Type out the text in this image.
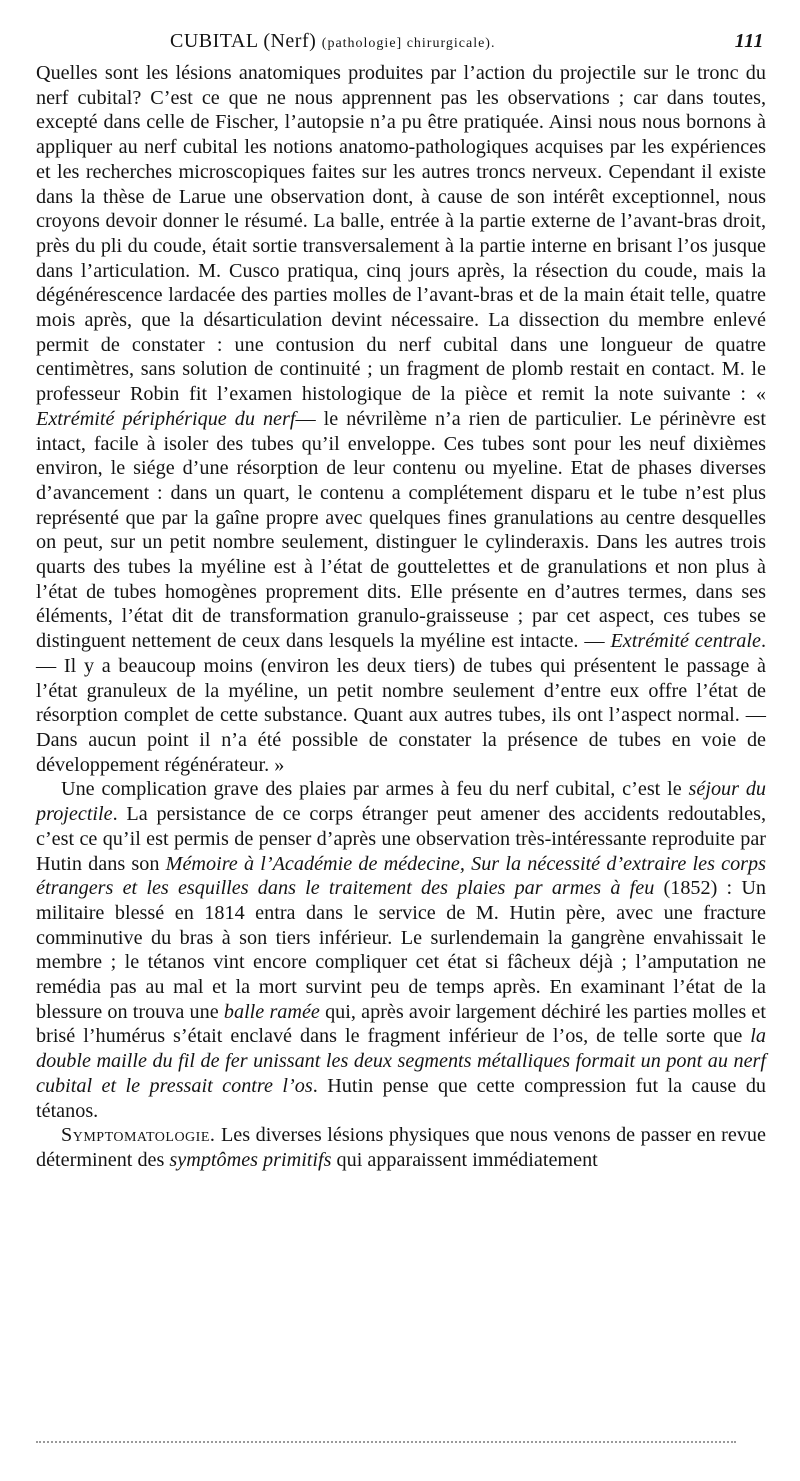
CUBITAL (Nerf) (pathologie] chirurgicale).	111

Quelles sont les lésions anatomiques produites par l’action du projectile sur le tronc du nerf cubital? C’est ce que ne nous apprennent pas les observations ; car dans toutes, excepté dans celle de Fischer, l’autopsie n’a pu être pratiquée. Ainsi nous nous bornons à appliquer au nerf cubital les notions anatomo-pathologiques acquises par les expériences et les recherches microscopiques faites sur les autres troncs nerveux. Cependant il existe dans la thèse de Larue une observation dont, à cause de son intérêt exceptionnel, nous croyons devoir donner le résumé. La balle, entrée à la partie externe de l’avant-bras droit, près du pli du coude, était sortie transversalement à la partie interne en brisant l’os jusque dans l’articulation. M. Cusco pratiqua, cinq jours après, la résection du coude, mais la dégénérescence lardacée des parties molles de l’avant-bras et de la main était telle, quatre mois après, que la désarticulation devint nécessaire. La dissection du membre enlevé permit de constater : une contusion du nerf cubital dans une longueur de quatre centimètres, sans solution de continuité ; un fragment de plomb restait en contact. M. le professeur Robin fit l’examen histologique de la pièce et remit la note suivante : « Extrémité périphérique du nerf— le névrilème n’a rien de particulier. Le périnèvre est intact, facile à isoler des tubes qu’il enveloppe. Ces tubes sont pour les neuf dixièmes environ, le siége d’une résorption de leur contenu ou myeline. Etat de phases diverses d’avancement : dans un quart, le contenu a complétement disparu et le tube n’est plus représenté que par la gaîne propre avec quelques fines granulations au centre desquelles on peut, sur un petit nombre seulement, distinguer le cylinderaxis. Dans les autres trois quarts des tubes la myéline est à l’état de gouttelettes et de granulations et non plus à l’état de tubes homogènes proprement dits. Elle présente en d’autres termes, dans ses éléments, l’état dit de transformation granulo-graisseuse ; par cet aspect, ces tubes se distinguent nettement de ceux dans lesquels la myéline est intacte. — Extrémité centrale. — Il y a beaucoup moins (environ les deux tiers) de tubes qui présentent le passage à l’état granuleux de la myéline, un petit nombre seulement d’entre eux offre l’état de résorption complet de cette substance. Quant aux autres tubes, ils ont l’aspect normal. — Dans aucun point il n’a été possible de constater la présence de tubes en voie de développement régénérateur. »

Une complication grave des plaies par armes à feu du nerf cubital, c’est le séjour du projectile. La persistance de ce corps étranger peut amener des accidents redoutables, c’est ce qu’il est permis de penser d’après une observation très-intéressante reproduite par Hutin dans son Mémoire à l’Académie de médecine, Sur la nécessité d’extraire les corps étrangers et les esquilles dans le traitement des plaies par armes à feu (1852) : Un militaire blessé en 1814 entra dans le service de M. Hutin père, avec une fracture comminutive du bras à son tiers inférieur. Le surlendemain la gangrène envahissait le membre ; le tétanos vint encore compliquer cet état si fâcheux déjà ; l’amputation ne remédia pas au mal et la mort survint peu de temps après. En examinant l’état de la blessure on trouva une balle ramée qui, après avoir largement déchiré les parties molles et brisé l’humérus s’était enclavé dans le fragment inférieur de l’os, de telle sorte que la double maille du fil de fer unissant les deux segments métalliques formait un pont au nerf cubital et le pressait contre l’os. Hutin pense que cette compression fut la cause du tétanos.

Symptomatologie. Les diverses lésions physiques que nous venons de passer en revue déterminent des symptômes primitifs qui apparaissent immédiatement
